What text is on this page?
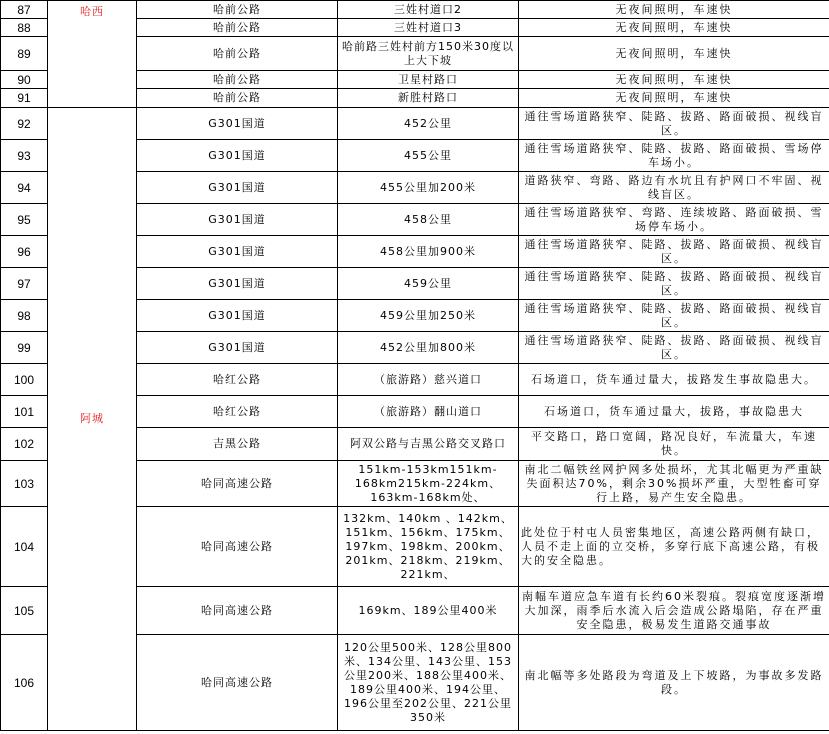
87	哈西	哈前公路	三姓村道口2	无夜间照明，车速快
88		哈前公路	三姓村道口3	无夜间照明，车速快
89		哈前公路	哈前路三姓村前方150米30度以上大下坡	无夜间照明，车速快
90		哈前公路	卫星村路口	无夜间照明，车速快
91		哈前公路	新胜村路口	无夜间照明，车速快
92	阿城	G301国道	452公里	通往雪场道路狭窄、陡路、拔路、路面破损、视线盲区。
93		G301国道	455公里	通往雪场道路狭窄、陡路、拔路、路面破损、雪场停车场小。
94		G301国道	455公里加200米	道路狭窄、弯路、路边有水坑且有护网口不牢固、视线盲区。
95		G301国道	458公里	通往雪场道路狭窄、弯路、连续坡路、路面破损、雪场停车场小。
96		G301国道	458公里加900米	通往雪场道路狭窄、陡路、拔路、路面破损、视线盲区。
97		G301国道	459公里	通往雪场道路狭窄、陡路、拔路、路面破损、视线盲区。
98		G301国道	459公里加250米	通往雪场道路狭窄、陡路、拔路、路面破损、视线盲区。
99		G301国道	452公里加800米	通往雪场道路狭窄、陡路、拔路、路面破损、视线盲区。
100		哈红公路	（旅游路）慈兴道口	石场道口，货车通过量大，拔路发生事故隐患大。
101		哈红公路	（旅游路）翻山道口	石场道口，货车通过量大，拔路，事故隐患大
102		吉黑公路	阿双公路与吉黑公路交叉路口	平交路口，路口宽阔，路况良好，车流量大，车速快。
103		哈同高速公路	151km-153km151km-168km215km-224km、163km-168km处、	南北二幅铁丝网护网多处损坏，尤其北幅更为严重缺失面积达70%，剩余30%损坏严重，大型牲畜可穿行上路，易产生安全隐患。
104		哈同高速公路	132km、140km 、142km、151km、156km、175km、197km、198km、200km、201km、218km、219km、221km、	此处位于村屯人员密集地区，高速公路两侧有缺口，人员不走上面的立交桥，多穿行底下高速公路，有极大的安全隐患。
105		哈同高速公路	169km、189公里400米	南幅车道应急车道有长约60米裂痕。裂痕宽度逐渐增大加深，雨季后水流入后会造成公路塌陷，存在严重安全隐患，极易发生道路交通事故
106		哈同高速公路	120公里500米、128公里800米、134公里、143公里、153公里200米、188公里400米、189公里400米、194公里、196公里至202公里、221公里350米	南北幅等多处路段为弯道及上下坡路，为事故多发路段。
